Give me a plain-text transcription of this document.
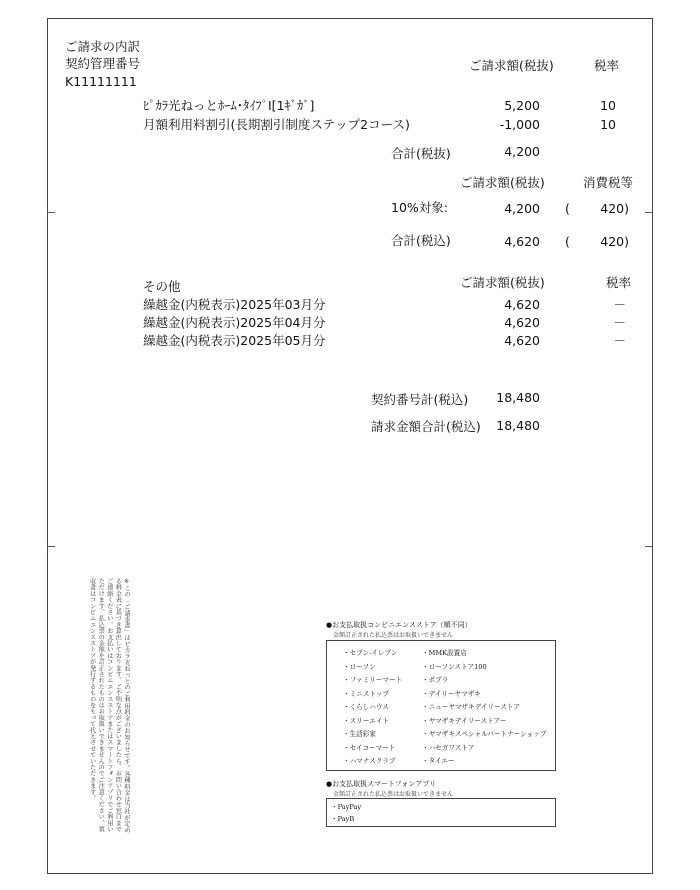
ご請求の内訳
契約管理番号
K11111111
ご請求額(税抜)	税率
ﾋﾟｶﾗ光ねっとﾎｰﾑ･ﾀｲﾌﾟⅠ[1ｷﾞｶﾞ]	5,200	10
月額利用料割引(長期割引制度ステップ2コース)	-1,000	10
合計(税抜)	4,200
ご請求額(税抜)	消費税等
10%対象:	4,200 (	420)
合計(税込)	4,620 (	420)
その他	ご請求額(税抜)	税率
繰越金(内税表示)2025年03月分	4,620	－
繰越金(内税表示)2025年04月分	4,620	－
繰越金(内税表示)2025年05月分	4,620	－
契約番号計(税込)	18,480
請求金額合計(税込)	18,480
※この「ご請求書」はピカラ光ねっとのご利用料金のお知らせです。各種料金は当社が定める料金表に基づき算出しております。ご不明な点がございましたら、お問い合わせ窓口までご連絡ください。お支払いはコンビニエンスストアまたはスマートフォンアプリでご利用いただけます。払込票の金額を訂正されたものはお取扱いできませんのでご注意ください。領収書はコンビニエンスストアが発行するものをもって代えさせていただきます。	●お支払取扱コンビニエンスストア（順不同）
金額訂正された払込票はお取扱いできません
・セブン-イレブン
・ローソン
・ファミリーマート
・ミニストップ
・くらしハウス
・スリーエイト
・生活彩家
・セイコーマート
・ハマナスクラブ
・MMK設置店
・ローソンストア100
・ポプラ
・デイリーヤマザキ
・ニューヤマザキデイリーストア
・ヤマザキデイリーストアー
・ヤマザキスペシャルパートナーショップ
・ハセガワストア
・タイエー
●お支払取扱スマートフォンアプリ
金額訂正された払込票はお取扱いできません
・PayPay
・PayB
